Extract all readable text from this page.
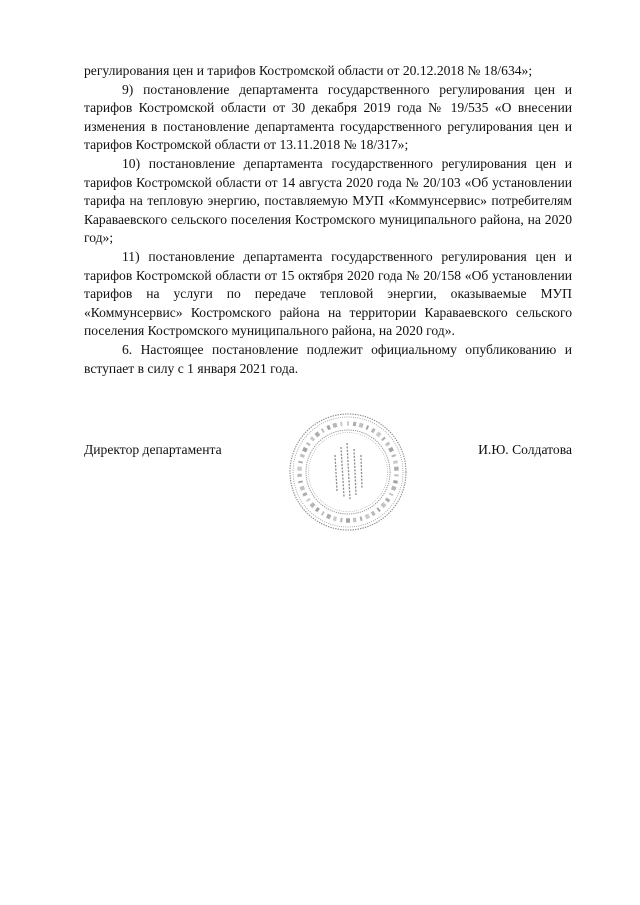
регулирования цен и тарифов Костромской области от 20.12.2018 № 18/634»;

9) постановление департамента государственного регулирования цен и тарифов Костромской области от 30 декабря 2019 года № 19/535 «О внесении изменения в постановление департамента государственного регулирования цен и тарифов Костромской области от 13.11.2018 № 18/317»;

10) постановление департамента государственного регулирования цен и тарифов Костромской области от 14 августа 2020 года № 20/103 «Об установлении тарифа на тепловую энергию, поставляемую МУП «Коммунсервис» потребителям Караваевского сельского поселения Костромского муниципального района, на 2020 год»;

11) постановление департамента государственного регулирования цен и тарифов Костромской области от 15 октября 2020 года № 20/158 «Об установлении тарифов на услуги по передаче тепловой энергии, оказываемые МУП «Коммунсервис» Костромского района на территории Караваевского сельского поселения Костромского муниципального района, на 2020 год».

6. Настоящее постановление подлежит официальному опубликованию и вступает в силу с 1 января 2021 года.

Директор департамента	И.Ю. Солдатова
